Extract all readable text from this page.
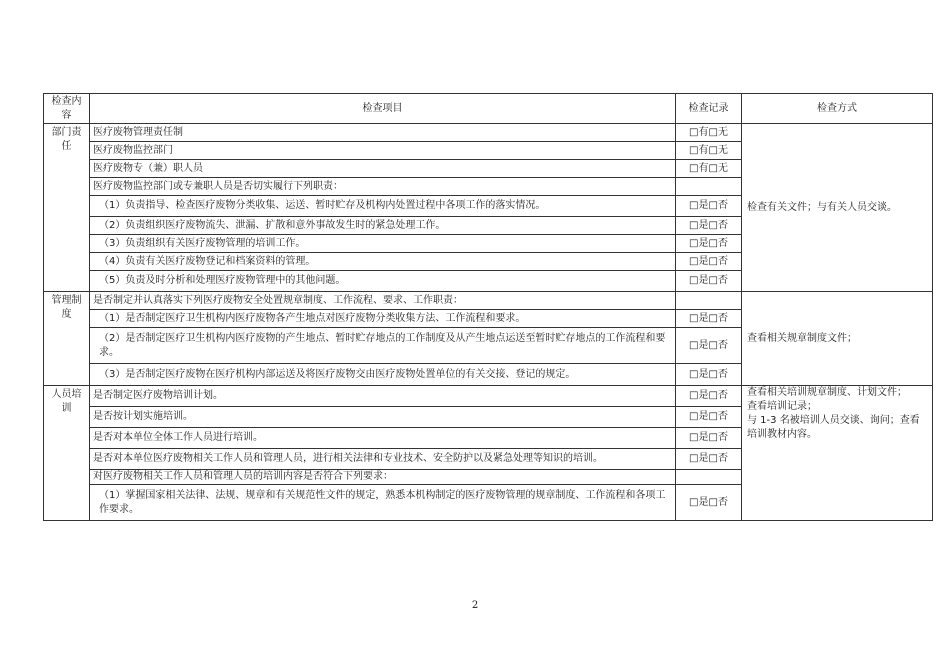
检查内容	检查项目	检查记录	检查方式
部门责任	医疗废物管理责任制	□有□无	检查有关文件；与有关人员交谈。

	医疗废物监控部门	□有□无	
	医疗废物专（兼）职人员	□有□无	
	医疗废物监控部门或专兼职人员是否切实履行下列职责：		
	（1）负责指导、检查医疗废物分类收集、运送、暂时贮存及机构内处置过程中各项工作的落实情况。	□是□否	
	（2）负责组织医疗废物流失、泄漏、扩散和意外事故发生时的紧急处理工作。	□是□否	
	（3）负责组织有关医疗废物管理的培训工作。	□是□否	
	（4）负责有关医疗废物登记和档案资料的管理。	□是□否	
	（5）负责及时分析和处理医疗废物管理中的其他问题。	□是□否	
管理制度	是否制定并认真落实下列医疗废物安全处置规章制度、工作流程、要求、工作职责：		查看相关规章制度文件；

	（1）是否制定医疗卫生机构内医疗废物各产生地点对医疗废物分类收集方法、工作流程和要求。	□是□否	
	（2）是否制定医疗卫生机构内医疗废物的产生地点、暂时贮存地点的工作制度及从产生地点运送至暂时贮存地点的工作流程和要求。	□是□否	
	（3）是否制定医疗废物在医疗机构内部运送及将医疗废物交由医疗废物处置单位的有关交接、登记的规定。	□是□否	
人员培训	是否制定医疗废物培训计划。	□是□否	查看相关培训规章制度、计划文件；
查看培训记录；
与 1-3 名被培训人员交谈、询问；查看培训教材内容。

	是否按计划实施培训。	□是□否	
	是否对本单位全体工作人员进行培训。	□是□否	
	是否对本单位医疗废物相关工作人员和管理人员，进行相关法律和专业技术、安全防护以及紧急处理等知识的培训。	□是□否	
	对医疗废物相关工作人员和管理人员的培训内容是否符合下列要求：		
	（1）掌握国家相关法律、法规、规章和有关规范性文件的规定，熟悉本机构制定的医疗废物管理的规章制度、工作流程和各项工作要求。	□是□否	
2
